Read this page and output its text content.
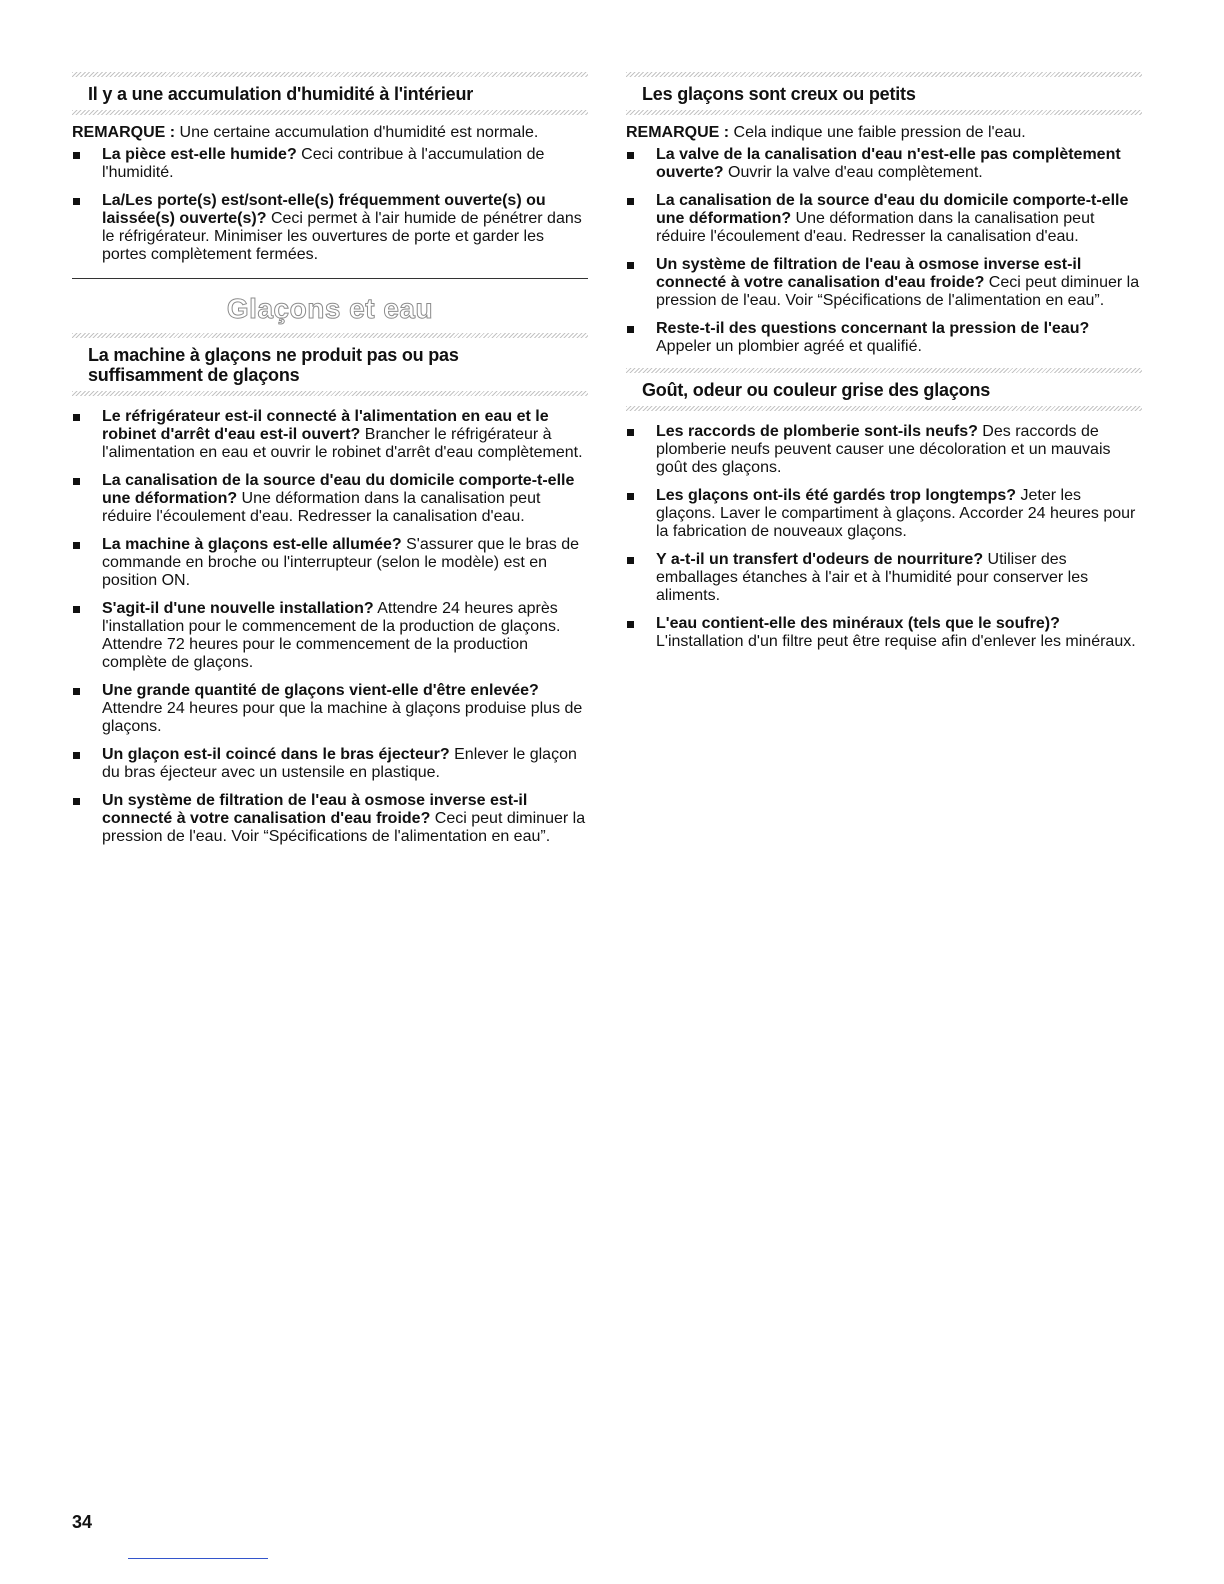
Il y a une accumulation d'humidité à l'intérieur

REMARQUE : Une certaine accumulation d'humidité est normale.

La pièce est-elle humide? Ceci contribue à l'accumulation de l'humidité.
La/Les porte(s) est/sont-elle(s) fréquemment ouverte(s) ou laissée(s) ouverte(s)? Ceci permet à l'air humide de pénétrer dans le réfrigérateur. Minimiser les ouvertures de porte et garder les portes complètement fermées.
Glaçons et eau
La machine à glaçons ne produit pas ou pas suffisamment de glaçons
Le réfrigérateur est-il connecté à l'alimentation en eau et le robinet d'arrêt d'eau est-il ouvert? Brancher le réfrigérateur à l'alimentation en eau et ouvrir le robinet d'arrêt d'eau complètement.
La canalisation de la source d'eau du domicile comporte-t-elle une déformation? Une déformation dans la canalisation peut réduire l'écoulement d'eau. Redresser la canalisation d'eau.
La machine à glaçons est-elle allumée? S'assurer que le bras de commande en broche ou l'interrupteur (selon le modèle) est en position ON.
S'agit-il d'une nouvelle installation? Attendre 24 heures après l'installation pour le commencement de la production de glaçons. Attendre 72 heures pour le commencement de la production complète de glaçons.
Une grande quantité de glaçons vient-elle d'être enlevée? Attendre 24 heures pour que la machine à glaçons produise plus de glaçons.
Un glaçon est-il coincé dans le bras éjecteur? Enlever le glaçon du bras éjecteur avec un ustensile en plastique.
Un système de filtration de l'eau à osmose inverse est-il connecté à votre canalisation d'eau froide? Ceci peut diminuer la pression de l'eau. Voir “Spécifications de l'alimentation en eau”.
Les glaçons sont creux ou petits

REMARQUE : Cela indique une faible pression de l'eau.

La valve de la canalisation d'eau n'est-elle pas complètement ouverte? Ouvrir la valve d'eau complètement.
La canalisation de la source d'eau du domicile comporte-t-elle une déformation? Une déformation dans la canalisation peut réduire l'écoulement d'eau. Redresser la canalisation d'eau.
Un système de filtration de l'eau à osmose inverse est-il connecté à votre canalisation d'eau froide? Ceci peut diminuer la pression de l'eau. Voir “Spécifications de l'alimentation en eau”.
Reste-t-il des questions concernant la pression de l'eau? Appeler un plombier agréé et qualifié.
Goût, odeur ou couleur grise des glaçons
Les raccords de plomberie sont-ils neufs? Des raccords de plomberie neufs peuvent causer une décoloration et un mauvais goût des glaçons.
Les glaçons ont-ils été gardés trop longtemps? Jeter les glaçons. Laver le compartiment à glaçons. Accorder 24 heures pour la fabrication de nouveaux glaçons.
Y a-t-il un transfert d'odeurs de nourriture? Utiliser des emballages étanches à l'air et à l'humidité pour conserver les aliments.
L'eau contient-elle des minéraux (tels que le soufre)? L'installation d'un filtre peut être requise afin d'enlever les minéraux.
34
